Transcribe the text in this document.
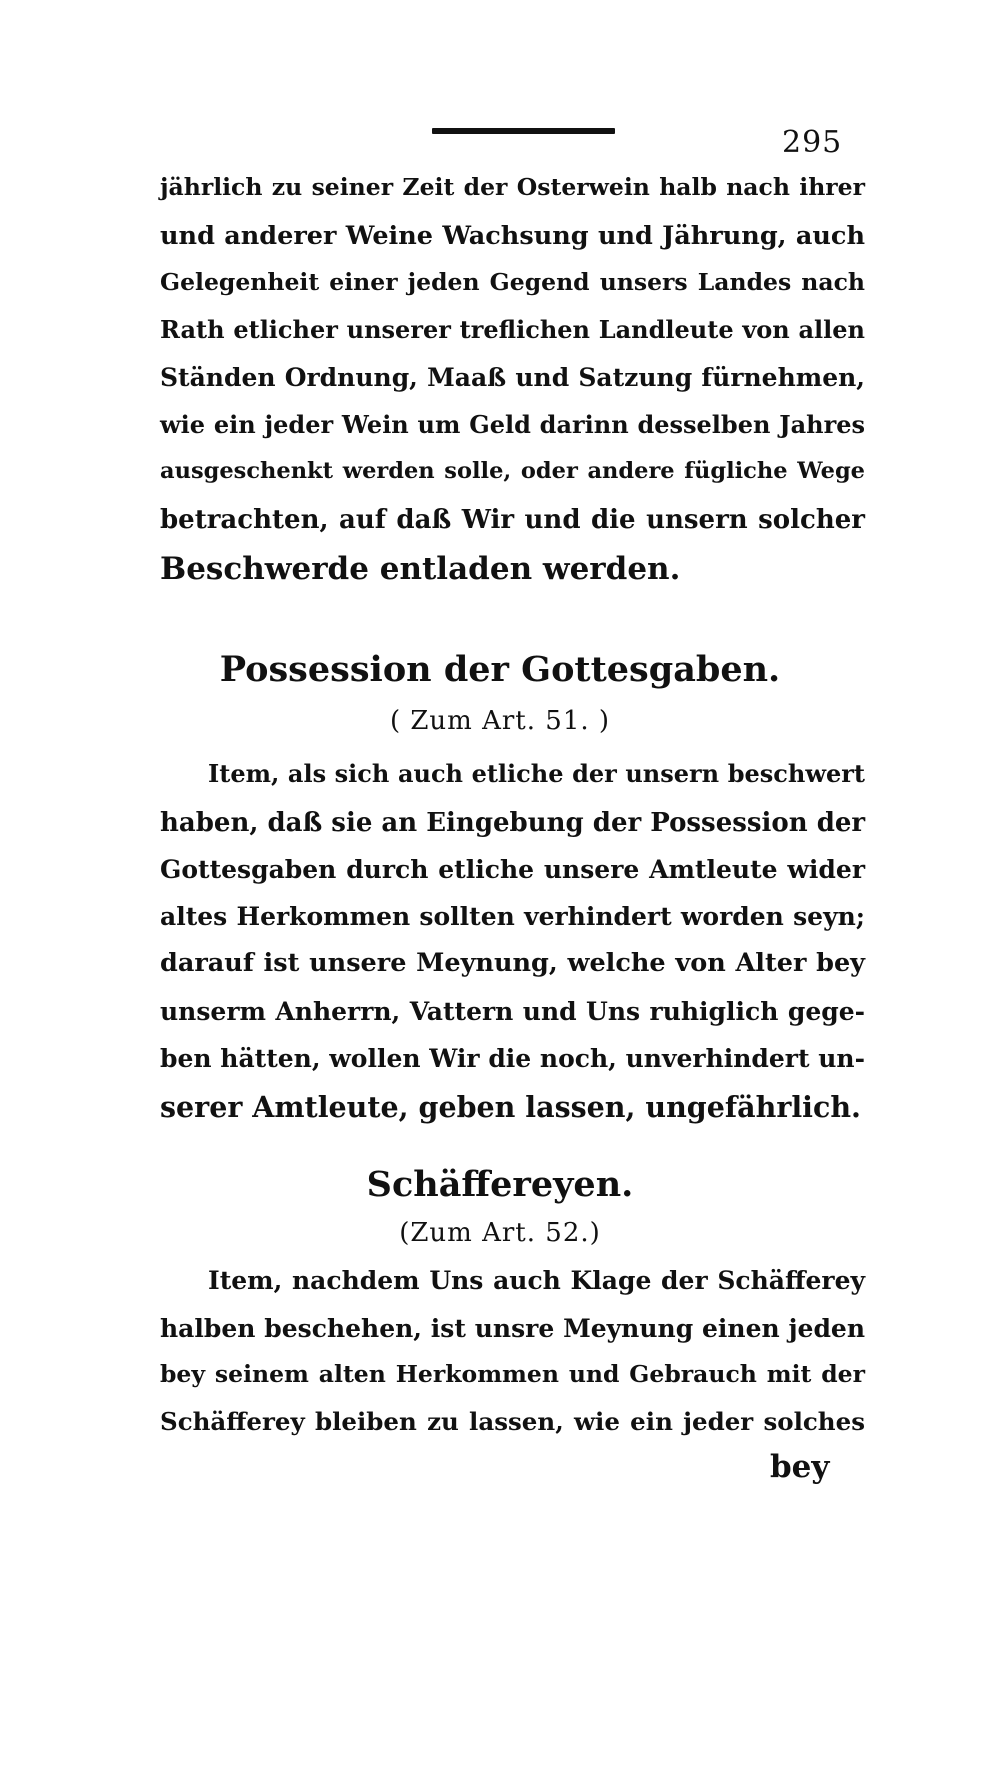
295
jährlich zu seiner Zeit der Osterwein halb nach ihrer
und anderer Weine Wachsung und Jährung, auch
Gelegenheit einer jeden Gegend unsers Landes nach
Rath etlicher unserer treflichen Landleute von allen
Ständen Ordnung, Maaß und Satzung fürnehmen,
wie ein jeder Wein um Geld darinn desselben Jahres
ausgeschenkt werden solle, oder andere fügliche Wege
betrachten, auf daß Wir und die unsern solcher
Beschwerde entladen werden.
Possession der Gottesgaben.
( Zum Art. 51. )
Item, als sich auch etliche der unsern beschwert
haben, daß sie an Eingebung der Possession der
Gottesgaben durch etliche unsere Amtleute wider
altes Herkommen sollten verhindert worden seyn;
darauf ist unsere Meynung, welche von Alter bey
unserm Anherrn, Vattern und Uns ruhiglich gege-
ben hätten, wollen Wir die noch, unverhindert un-
serer Amtleute, geben lassen, ungefährlich.
Schäffereyen.
(Zum Art. 52.)
Item, nachdem Uns auch Klage der Schäfferey
halben beschehen, ist unsre Meynung einen jeden
bey seinem alten Herkommen und Gebrauch mit der
Schäfferey bleiben zu lassen, wie ein jeder solches
bey
